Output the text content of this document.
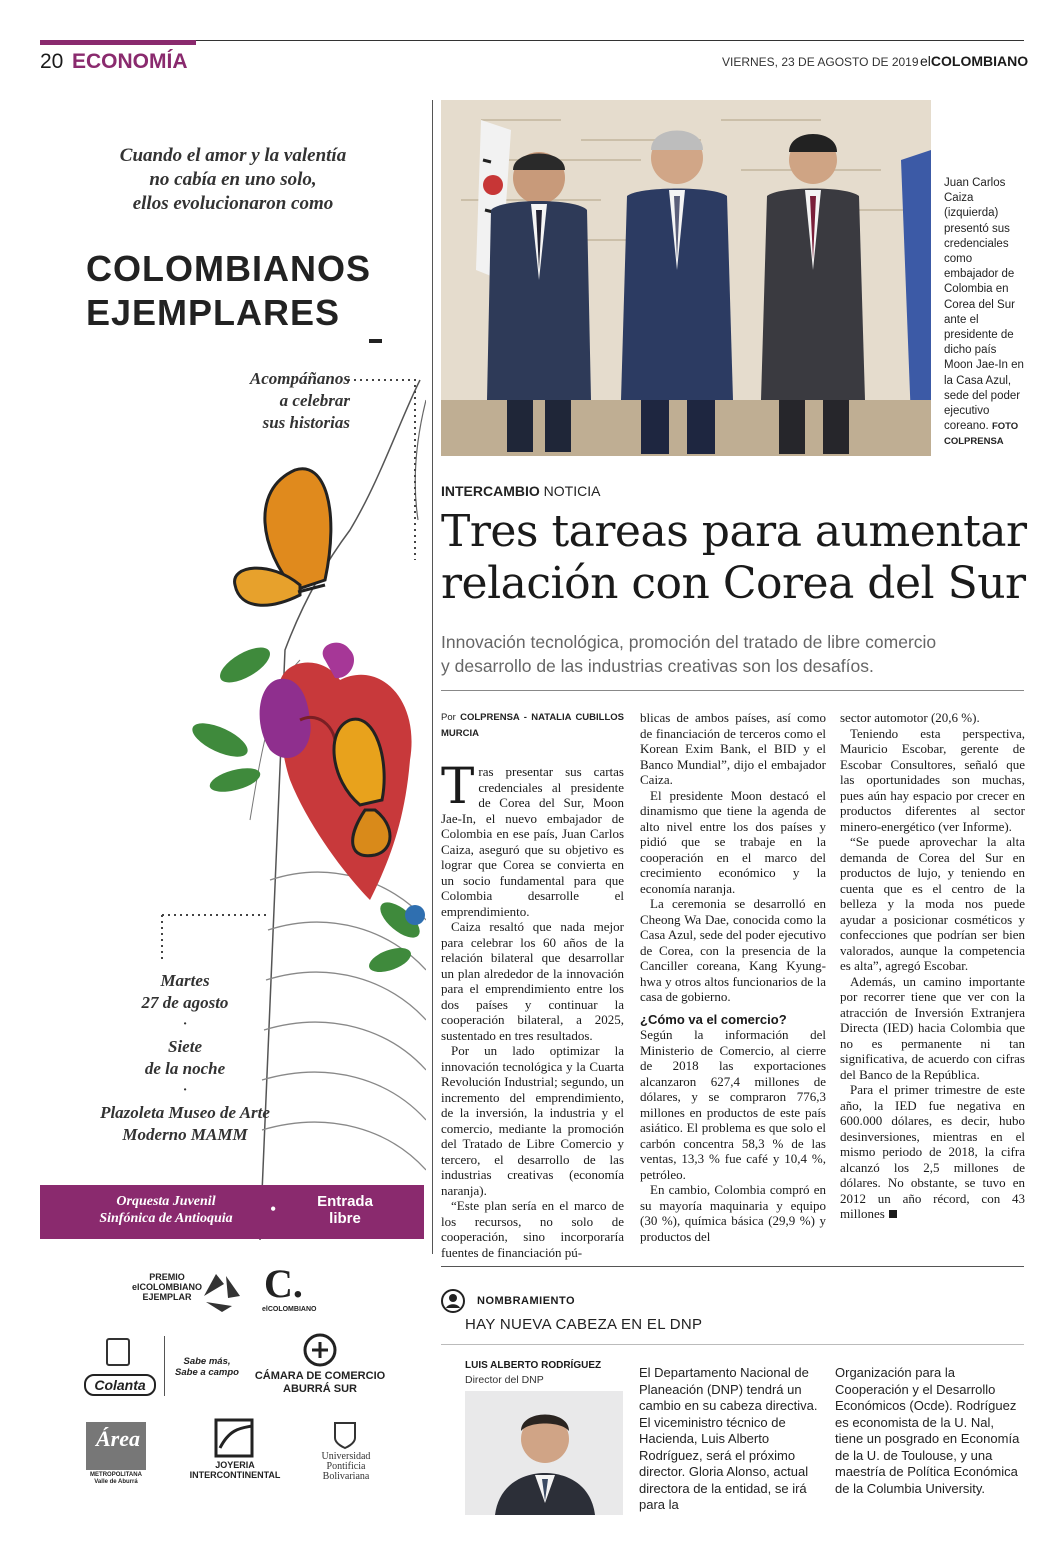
20 ECONOMÍA	VIERNES, 23 DE AGOSTO DE 2019 elCOLOMBIANO
Cuando el amor y la valentía
no cabía en uno solo,
ellos evolucionaron como
COLOMBIANOS
EJEMPLARES
Acompáñanos
a celebrar
sus historias
Martes
27 de agosto
·
Siete
de la noche
·
Plazoleta Museo de Arte
Moderno MAMM
Orquesta Juvenil
Sinfónica de Antioquia	•	Entrada
libre
PREMIO
elCOLOMBIANO
EJEMPLAR C.
elCOLOMBIANO
Colanta
Sabe más,
Sabe a campo	CÁMARA DE COMERCIO
ABURRÁ SUR
Área
METROPOLITANA
Valle de Aburrá
JOYERIA
INTERCONTINENTAL
Universidad
Pontificia
Bolivariana
Juan Carlos Caiza (izquierda) presentó sus credenciales como embajador de Colombia en Corea del Sur ante el presidente de dicho país Moon Jae-In en la Casa Azul, sede del poder ejecutivo coreano. FOTO COLPRENSA
INTERCAMBIO NOTICIA
Tres tareas para aumentar
relación con Corea del Sur
Innovación tecnológica, promoción del tratado de libre comercio
y desarrollo de las industrias creativas son los desafíos.
Por COLPRENSA - NATALIA CUBILLOS MURCIA

Tras presentar sus cartas credenciales al presidente de Corea del Sur, Moon Jae-In, el nuevo embajador de Colombia en ese país, Juan Carlos Caiza, aseguró que su objetivo es lograr que Corea se convierta en un socio fundamental para que Colombia desarrolle el emprendimiento.

Caiza resaltó que nada mejor para celebrar los 60 años de la relación bilateral que desarrollar un plan alrededor de la innovación para el emprendimiento entre los dos países y continuar la cooperación bilateral, a 2025, sustentado en tres resultados.

Por un lado optimizar la innovación tecnológica y la Cuarta Revolución Industrial; segundo, un incremento del emprendimiento, de la inversión, la industria y el comercio, mediante la promoción del Tratado de Libre Comercio y tercero, el desarrollo de las industrias creativas (economía naranja).

“Este plan sería en el marco de los recursos, no solo de cooperación, sino incorporaría fuentes de financiación pú-

blicas de ambos países, así como de financiación de terceros como el Korean Exim Bank, el BID y el Banco Mundial”, dijo el embajador Caiza.

El presidente Moon destacó el dinamismo que tiene la agenda de alto nivel entre los dos países y pidió que se trabaje en la cooperación en el marco del crecimiento económico y la economía naranja.

La ceremonia se desarrolló en Cheong Wa Dae, conocida como la Casa Azul, sede del poder ejecutivo de Corea, con la presencia de la Canciller coreana, Kang Kyung-hwa y otros altos funcionarios de la casa de gobierno.

¿Cómo va el comercio?

Según la información del Ministerio de Comercio, al cierre de 2018 las exportaciones alcanzaron 627,4 millones de dólares, y se compraron 776,3 millones en productos de este país asiático. El problema es que solo el carbón concentra 58,3 % de las ventas, 13,3 % fue café y 10,4 %, petróleo.

En cambio, Colombia compró en su mayoría maquinaria y equipo (30 %), química básica (29,9 %) y productos del

sector automotor (20,6 %).

Teniendo esta perspectiva, Mauricio Escobar, gerente de Escobar Consultores, señaló que las oportunidades son muchas, pues aún hay espacio por crecer en productos diferentes al sector minero-energético (ver Informe).

“Se puede aprovechar la alta demanda de Corea del Sur en productos de lujo, y teniendo en cuenta que es el centro de la belleza y la moda nos puede ayudar a posicionar cosméticos y confecciones que podrían ser bien valorados, aunque la competencia es alta”, agregó Escobar.

Además, un camino importante por recorrer tiene que ver con la atracción de Inversión Extranjera Directa (IED) hacia Colombia que no es permanente ni tan significativa, de acuerdo con cifras del Banco de la República.

Para el primer trimestre de este año, la IED fue negativa en 600.000 dólares, es decir, hubo desinversiones, mientras en el mismo periodo de 2018, la cifra alcanzó los 2,5 millones de dólares. No obstante, se tuvo en 2012 un año récord, con 43 millones

NOMBRAMIENTO
HAY NUEVA CABEZA EN EL DNP
LUIS ALBERTO RODRÍGUEZ
Director del DNP	El Departamento Nacional de Planeación (DNP) tendrá un cambio en su cabeza directiva. El viceministro técnico de Hacienda, Luis Alberto Rodríguez, será el próximo director. Gloria Alonso, actual directora de la entidad, se irá para la
Organización para la Cooperación y el Desarrollo Económicos (Ocde). Rodríguez es economista de la U. Nal, tiene un posgrado en Economía de la U. de Toulouse, y una maestría de Política Económica de la Columbia University.
